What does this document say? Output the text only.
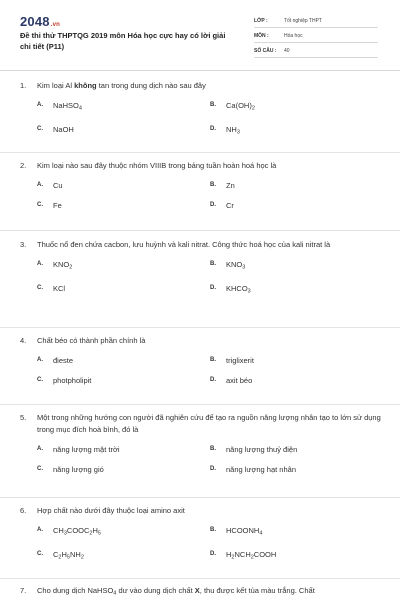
2048.vn
Đề thi thử THPTQG 2019 môn Hóa học cực hay có lời giải chi tiết (P11)
LỚP :	Tốt nghiệp THPT
MÔN :	Hóa học
SỐ CÂU :	40
1.	Kim loại Al không tan trong dung dịch nào sau đây
A.	NaHSO$_4$
B.	$Ca(OH)_2$
C.	NaOH	D.	$NH_3$
2.	Kim loại nào sau đây thuộc nhóm VIIIB trong bảng tuần hoàn hoá học là
A.	Cu	B.	Zn
C.	Fe	D.	Cr
3.	Thuốc nổ đen chứa cacbon, lưu huỳnh và kali nitrat. Công thức hoá học của kali nitrat là
A.	$KNO_2$
B.	$KNO_3$
C.	KCl	D.	$KHCO_3$
4.	Chất béo có thành phần chính là
A.	đieste	B.	triglixerit
C.	photpholipit	D.	axit béo
5.	Một trong những hướng con người đã nghiên cứu để tạo ra nguồn năng lượng nhân tạo to lớn sử dụng trong mục đích hoà bình, đó là
A.	năng lượng mặt trời	B.	năng lượng thuỷ điện
C.	năng lượng gió	D.	năng lượng hạt nhân
6.	Hợp chất nào dưới đây thuộc loại amino axit
A.	$CH_3COOC_2H_5$
B.	$HCOONH_4$
C.	$C_2H_5NH_2$
D.	$H_2NCH_2COOH$
7.	Cho dung dịch NaHSO$_4$ dư vào dung dịch chất X, thu được kết tủa màu trắng. Chất
